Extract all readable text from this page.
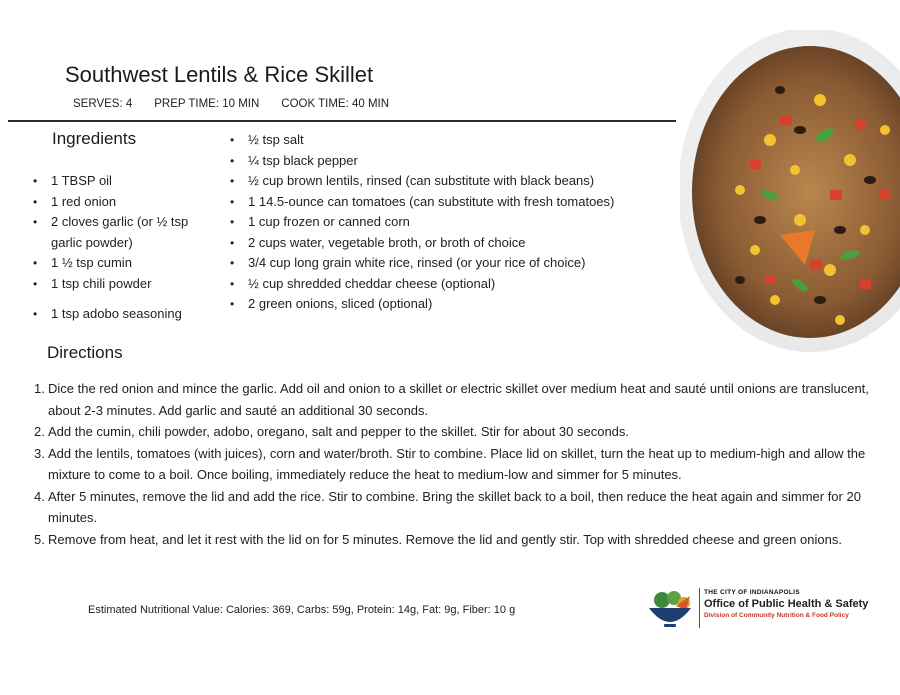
Southwest Lentils & Rice Skillet
SERVES: 4 PREP TIME: 10 MIN COOK TIME: 40 MIN
Ingredients
• 1 TBSP oil
• 1 red onion
• 2 cloves garlic (or ½ tsp garlic powder)
• 1 ½ tsp cumin
• 1 tsp chili powder
• 1 tsp adobo seasoning
• ½ tsp salt
• ¼ tsp black pepper
• ½ cup brown lentils, rinsed (can substitute with black beans)
• 1 14.5-ounce can tomatoes (can substitute with fresh tomatoes)
• 1 cup frozen or canned corn
• 2 cups water, vegetable broth, or broth of choice
• 3/4 cup long grain white rice, rinsed (or your rice of choice)
• ½ cup shredded cheddar cheese (optional)
• 2 green onions, sliced (optional)
Directions
1. Dice the red onion and mince the garlic. Add oil and onion to a skillet or electric skillet over medium heat and sauté until onions are translucent, about 2-3 minutes. Add garlic and sauté an additional 30 seconds.
2. Add the cumin, chili powder, adobo, oregano, salt and pepper to the skillet. Stir for about 30 seconds.
3. Add the lentils, tomatoes (with juices), corn and water/broth. Stir to combine. Place lid on skillet, turn the heat up to medium-high and allow the mixture to come to a boil. Once boiling, immediately reduce the heat to medium-low and simmer for 5 minutes.
4. After 5 minutes, remove the lid and add the rice. Stir to combine. Bring the skillet back to a boil, then reduce the heat again and simmer for 20 minutes.
5. Remove from heat, and let it rest with the lid on for 5 minutes. Remove the lid and gently stir. Top with shredded cheese and green onions.
Estimated Nutritional Value: Calories: 369, Carbs: 59g, Protein: 14g, Fat: 9g, Fiber: 10 g
THE CITY OF INDIANAPOLIS
Office of Public Health & Safety
Division of Community Nutrition & Food Policy
